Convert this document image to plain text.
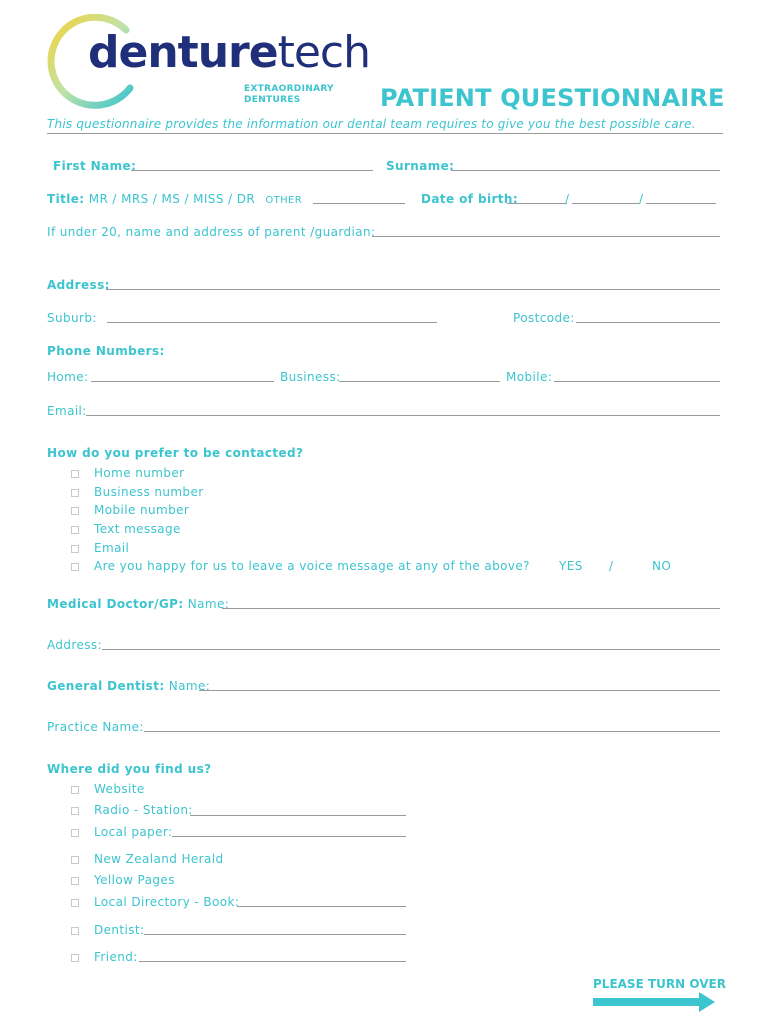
denturetech
EXTRAORDINARY
DENTURES	PATIENT QUESTIONNAIRE
This questionnaire provides the information our dental team requires to give you the best possible care.
First Name:	Surname:
Title: MR / MRS / MS / MISS / DR OTHER	Date of birth:	/	/
If under 20, name and address of parent /guardian:
Address:
Suburb:	Postcode:
Phone Numbers:
Home:	Business:	Mobile:
Email:
How do you prefer to be contacted?
Home number
Business number
Mobile number
Text message
Email
Are you happy for us to leave a voice message at any of the above? YES /	NO
Medical Doctor/GP: Name:
Address:
General Dentist: Name:
Practice Name:
Where did you find us?
Website
Radio - Station:
Local paper:
New Zealand Herald
Yellow Pages
Local Directory - Book:
Dentist:
Friend:
PLEASE TURN OVER
